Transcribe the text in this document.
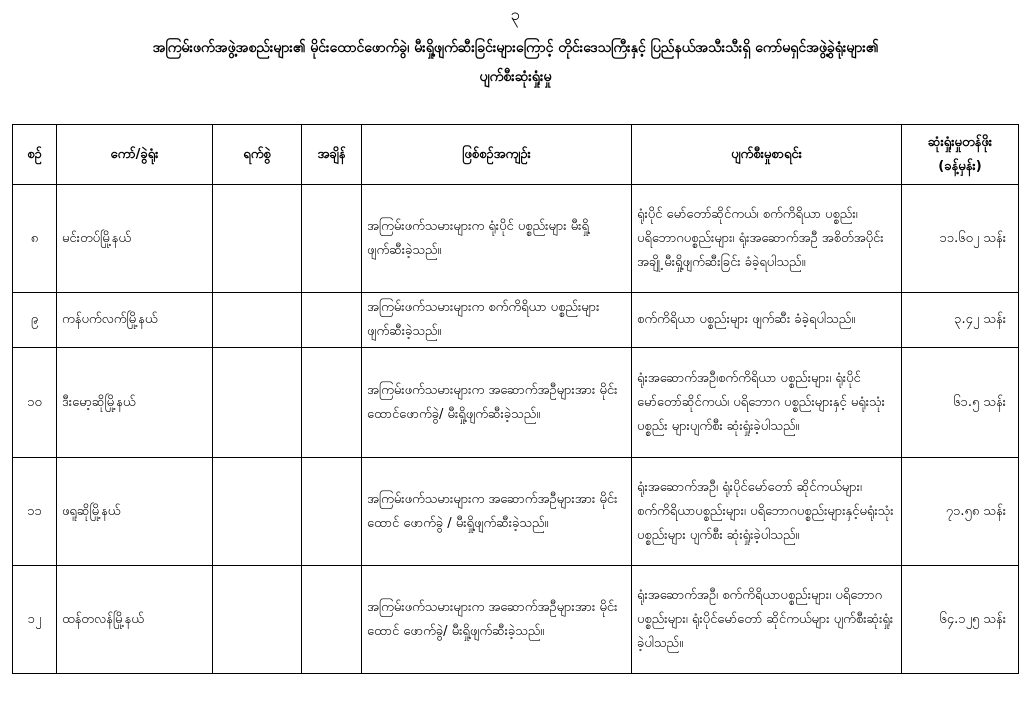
၃
အကြမ်းဖက်အဖွဲ့အစည်းများ၏ မိုင်းထောင်ဖောက်ခွဲ၊ မီးရှို့ဖျက်ဆီးခြင်းများကြောင့် တိုင်းဒေသကြီးနှင့် ပြည်နယ်အသီးသီးရှိ ကော်မရှင်အဖွဲ့ခွဲရုံးများ၏
ပျက်စီးဆုံးရှုံးမှု
စဉ်	ကော်/ခွဲရုံး	ရက်စွဲ	အချိန်	ဖြစ်စဉ်အကျဉ်း	ပျက်စီးမှုစာရင်း	ဆုံးရှုံးမှုတန်ဖိုး (ခန့်မှန်း)
၈	မင်းတပ်မြို့နယ်			အကြမ်းဖက်သမားများက ရုံးပိုင် ပစ္စည်းများ မီးရှို့ဖျက်ဆီးခဲ့သည်။	ရုံးပိုင် မော်တော်ဆိုင်ကယ်၊ စက်ကိရိယာ ပစ္စည်း၊ ပရိဘောဂပစ္စည်းများ၊ ရုံးအဆောက်အဦ အစိတ်အပိုင်းအချို့ မီးရှို့ဖျက်ဆီးခြင်း ခံခဲ့ရပါသည်။	၁၁.၆၀၂ သန်း
၉	ကန်ပက်လက်မြို့နယ်			အကြမ်းဖက်သမားများက စက်ကိရိယာ ပစ္စည်းများ ဖျက်ဆီးခဲ့သည်။	စက်ကိရိယာ ပစ္စည်းများ ဖျက်ဆီး ခံခဲ့ရပါသည်။	၃.၄၂ သန်း
၁၀	ဒီးမော့ဆိုမြို့နယ်			အကြမ်းဖက်သမားများက အဆောက်အဦများအား မိုင်းထောင်ဖောက်ခွဲ/ မီးရှို့ဖျက်ဆီးခဲ့သည်။	ရုံးအဆောက်အဦ၊စက်ကိရိယာ ပစ္စည်းများ၊ ရုံးပိုင်မော်တော်ဆိုင်ကယ်၊ ပရိဘောဂ ပစ္စည်းများနှင့် မရုံးသုံးပစ္စည်း များပျက်စီး ဆုံးရှုံးခဲ့ပါသည်။	၆၁.၅ သန်း
၁၁	ဖရူဆိုမြို့နယ်			အကြမ်းဖက်သမားများက အဆောက်အဦများအား မိုင်းထောင် ဖောက်ခွဲ / မီးရှို့ဖျက်ဆီးခဲ့သည်။	ရုံးအဆောက်အဦ၊ ရုံးပိုင်မော်တော် ဆိုင်ကယ်များ၊ စက်ကိရိယာပစ္စည်းများ၊ ပရိဘောဂပစ္စည်းများနှင့်မရုံးသုံးပစ္စည်းများ ပျက်စီး ဆုံးရှုံးခဲ့ပါသည်။	၇၁.၅၈ သန်း
၁၂	ထန်တလန်မြို့နယ်			အကြမ်းဖက်သမားများက အဆောက်အဦများအား မိုင်းထောင် ဖောက်ခွဲ/ မီးရှို့ဖျက်ဆီးခဲ့သည်။	ရုံးအဆောက်အဦ၊ စက်ကိရိယာပစ္စည်းများ၊ ပရိဘောဂပစ္စည်းများ၊ ရုံးပိုင်မော်တော် ဆိုင်ကယ်များ ပျက်စီးဆုံးရှုံး ခဲ့ပါသည်။	၆၄.၁၂၅ သန်း
